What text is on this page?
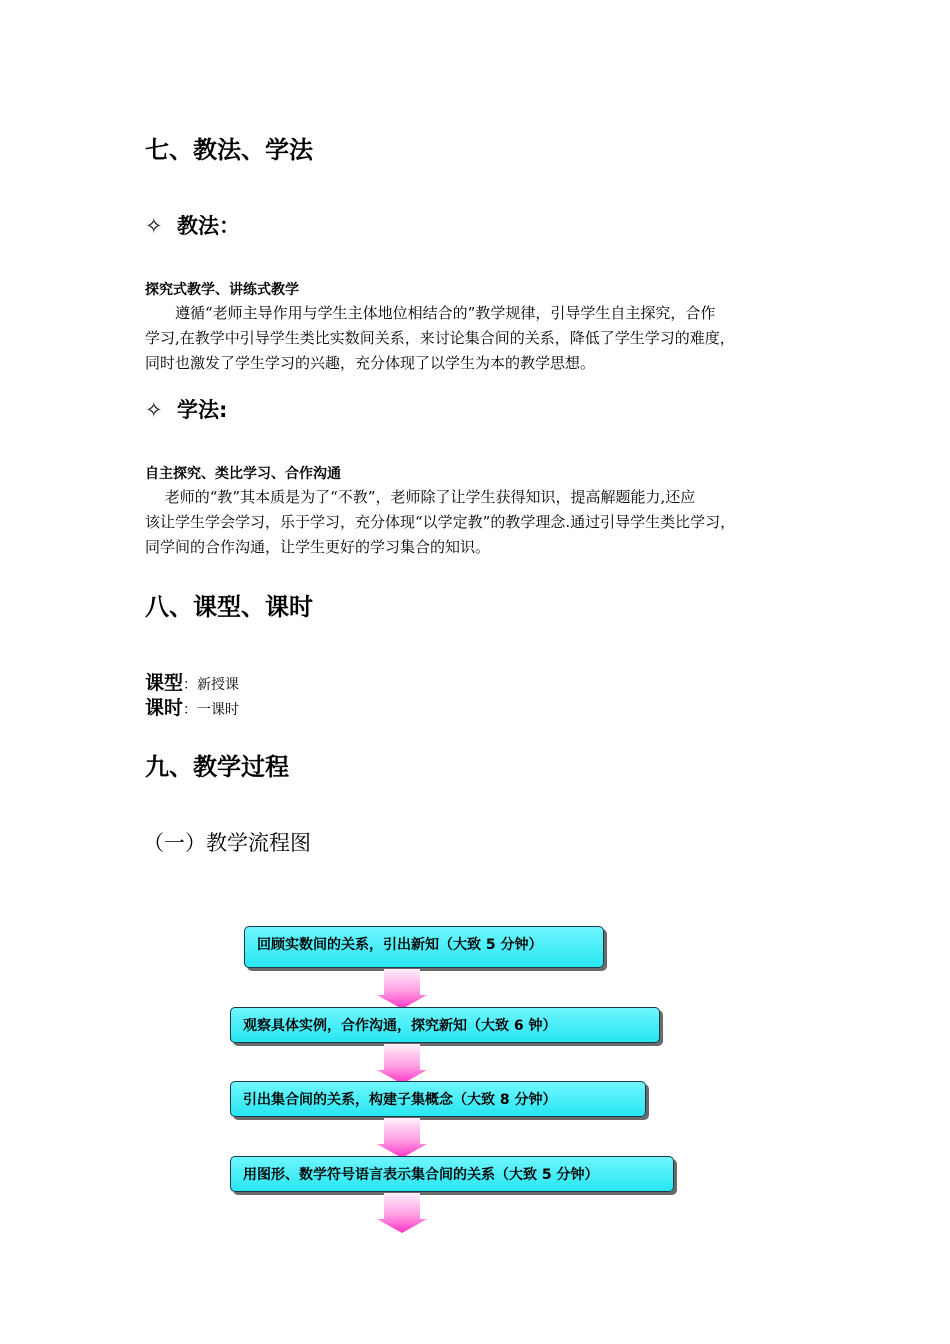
七、教法、学法
✧ 教法：
探究式教学、讲练式教学
　　遵循“老师主导作用与学生主体地位相结合的”教学规律，引导学生自主探究，合作
学习,在教学中引导学生类比实数间关系，来讨论集合间的关系，降低了学生学习的难度，
同时也激发了学生学习的兴趣，充分体现了以学生为本的教学思想。
✧ 学法:
自主探究、类比学习、合作沟通
　 老师的“教”其本质是为了“不教”，老师除了让学生获得知识，提高解题能力,还应
该让学生学会学习，乐于学习，充分体现“以学定教”的教学理念.通过引导学生类比学习，
同学间的合作沟通，让学生更好的学习集合的知识。
八、课型、课时
课型：新授课
课时：一课时
九、教学过程
（一）教学流程图
回顾实数间的关系，引出新知（大致 5 分钟）
观察具体实例，合作沟通，探究新知（大致 6 钟）
引出集合间的关系，构建子集概念（大致 8 分钟）
用图形、数学符号语言表示集合间的关系（大致 5 分钟）
